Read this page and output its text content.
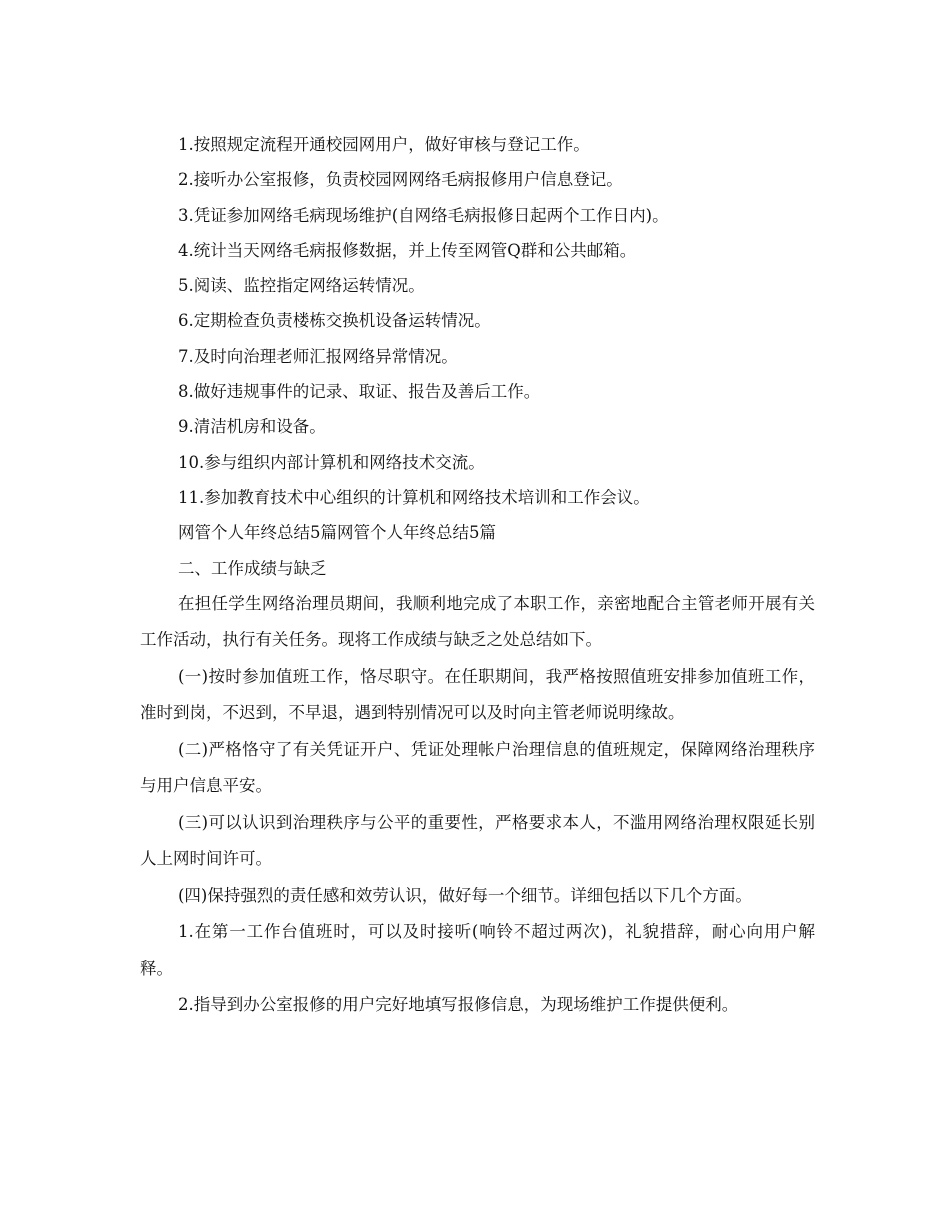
1.按照规定流程开通校园网用户，做好审核与登记工作。
2.接听办公室报修，负责校园网网络毛病报修用户信息登记。
3.凭证参加网络毛病现场维护(自网络毛病报修日起两个工作日内)。
4.统计当天网络毛病报修数据，并上传至网管Q群和公共邮箱。
5.阅读、监控指定网络运转情况。
6.定期检查负责楼栋交换机设备运转情况。
7.及时向治理老师汇报网络异常情况。
8.做好违规事件的记录、取证、报告及善后工作。
9.清洁机房和设备。
10.参与组织内部计算机和网络技术交流。
11.参加教育技术中心组织的计算机和网络技术培训和工作会议。
网管个人年终总结5篇网管个人年终总结5篇
二、工作成绩与缺乏

在担任学生网络治理员期间，我顺利地完成了本职工作，亲密地配合主管老师开展有关工作活动，执行有关任务。现将工作成绩与缺乏之处总结如下。

(一)按时参加值班工作，恪尽职守。在任职期间，我严格按照值班安排参加值班工作，准时到岗，不迟到，不早退，遇到特别情况可以及时向主管老师说明缘故。

(二)严格恪守了有关凭证开户、凭证处理帐户治理信息的值班规定，保障网络治理秩序与用户信息平安。

(三)可以认识到治理秩序与公平的重要性，严格要求本人，不滥用网络治理权限延长别人上网时间许可。

(四)保持强烈的责任感和效劳认识，做好每一个细节。详细包括以下几个方面。

1.在第一工作台值班时，可以及时接听(响铃不超过两次)，礼貌措辞，耐心向用户解释。

2.指导到办公室报修的用户完好地填写报修信息，为现场维护工作提供便利。
